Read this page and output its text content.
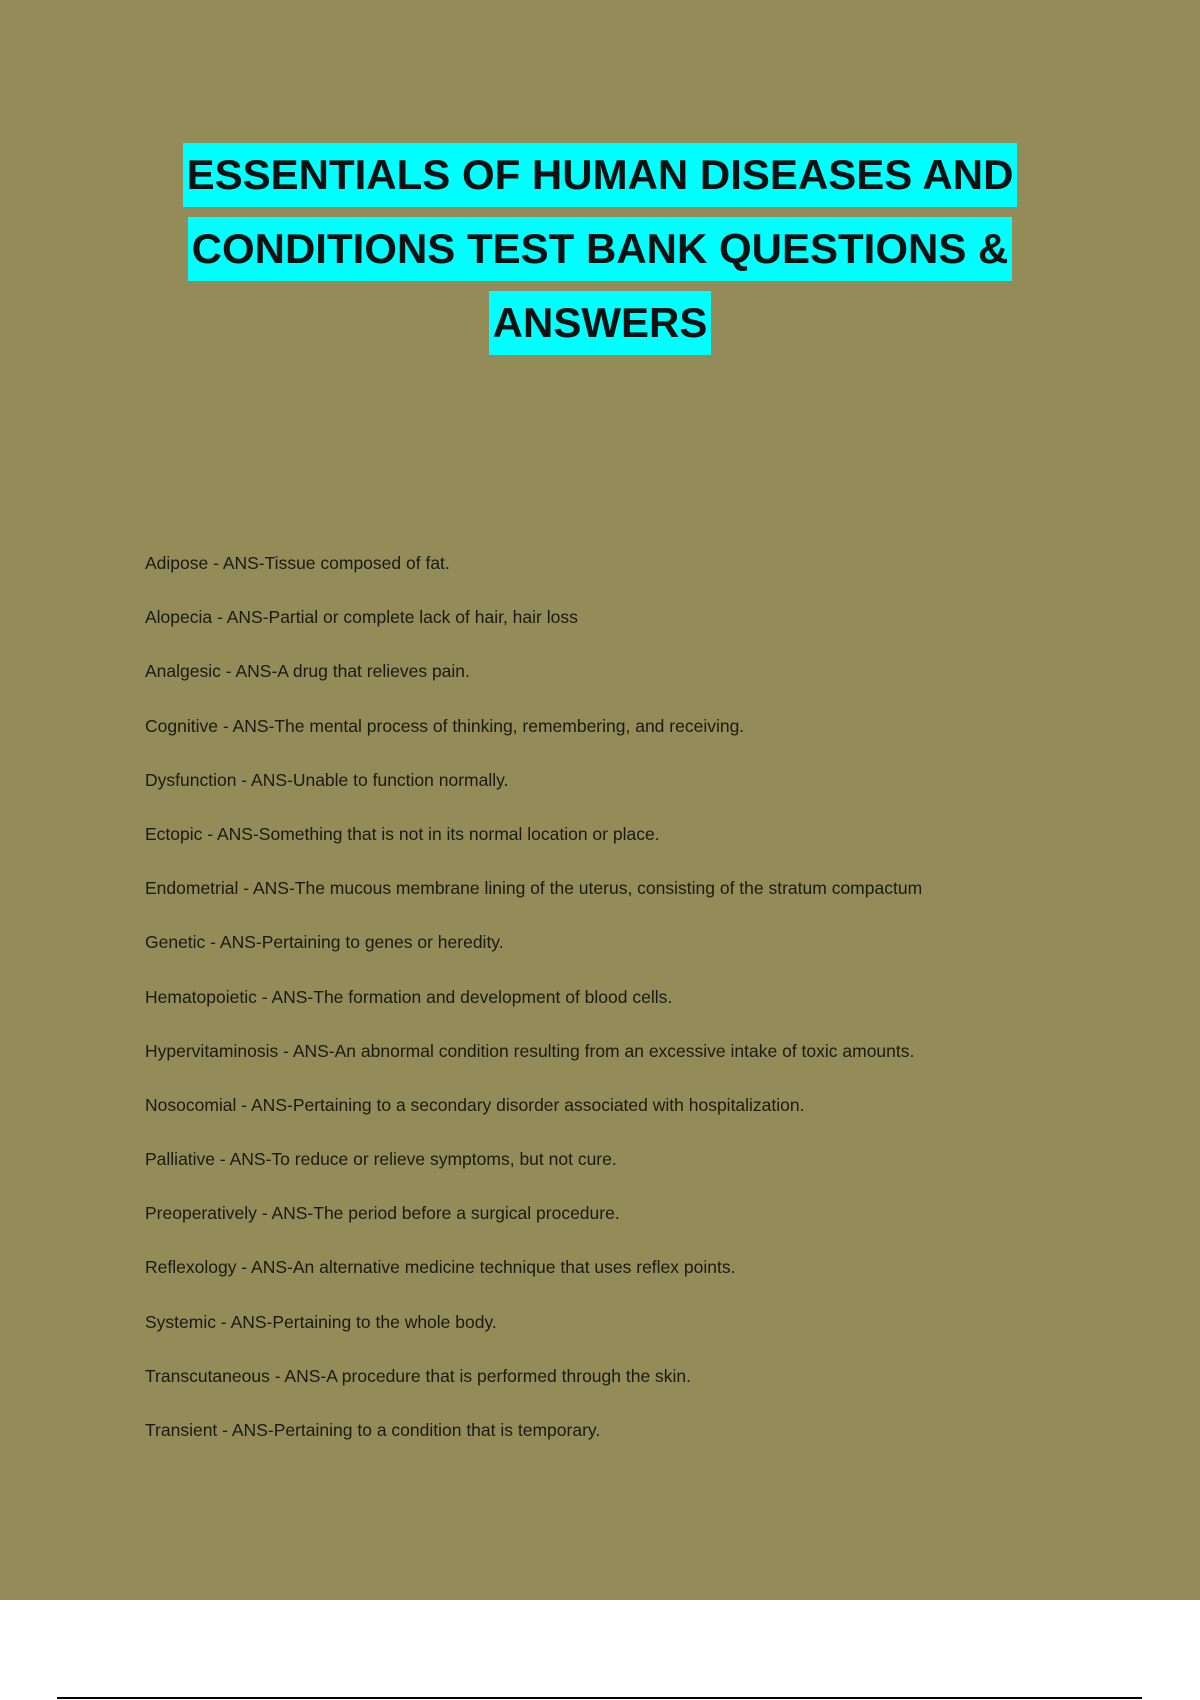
ESSENTIALS OF HUMAN DISEASES AND
CONDITIONS TEST BANK QUESTIONS &
ANSWERS
Adipose - ANS-Tissue composed of fat.
Alopecia - ANS-Partial or complete lack of hair, hair loss
Analgesic - ANS-A drug that relieves pain.
Cognitive - ANS-The mental process of thinking, remembering, and receiving.
Dysfunction - ANS-Unable to function normally.
Ectopic - ANS-Something that is not in its normal location or place.
Endometrial - ANS-The mucous membrane lining of the uterus, consisting of the stratum compactum
Genetic - ANS-Pertaining to genes or heredity.
Hematopoietic - ANS-The formation and development of blood cells.
Hypervitaminosis - ANS-An abnormal condition resulting from an excessive intake of toxic amounts.
Nosocomial - ANS-Pertaining to a secondary disorder associated with hospitalization.
Palliative - ANS-To reduce or relieve symptoms, but not cure.
Preoperatively - ANS-The period before a surgical procedure.
Reflexology - ANS-An alternative medicine technique that uses reflex points.
Systemic - ANS-Pertaining to the whole body.
Transcutaneous - ANS-A procedure that is performed through the skin.
Transient - ANS-Pertaining to a condition that is temporary.
